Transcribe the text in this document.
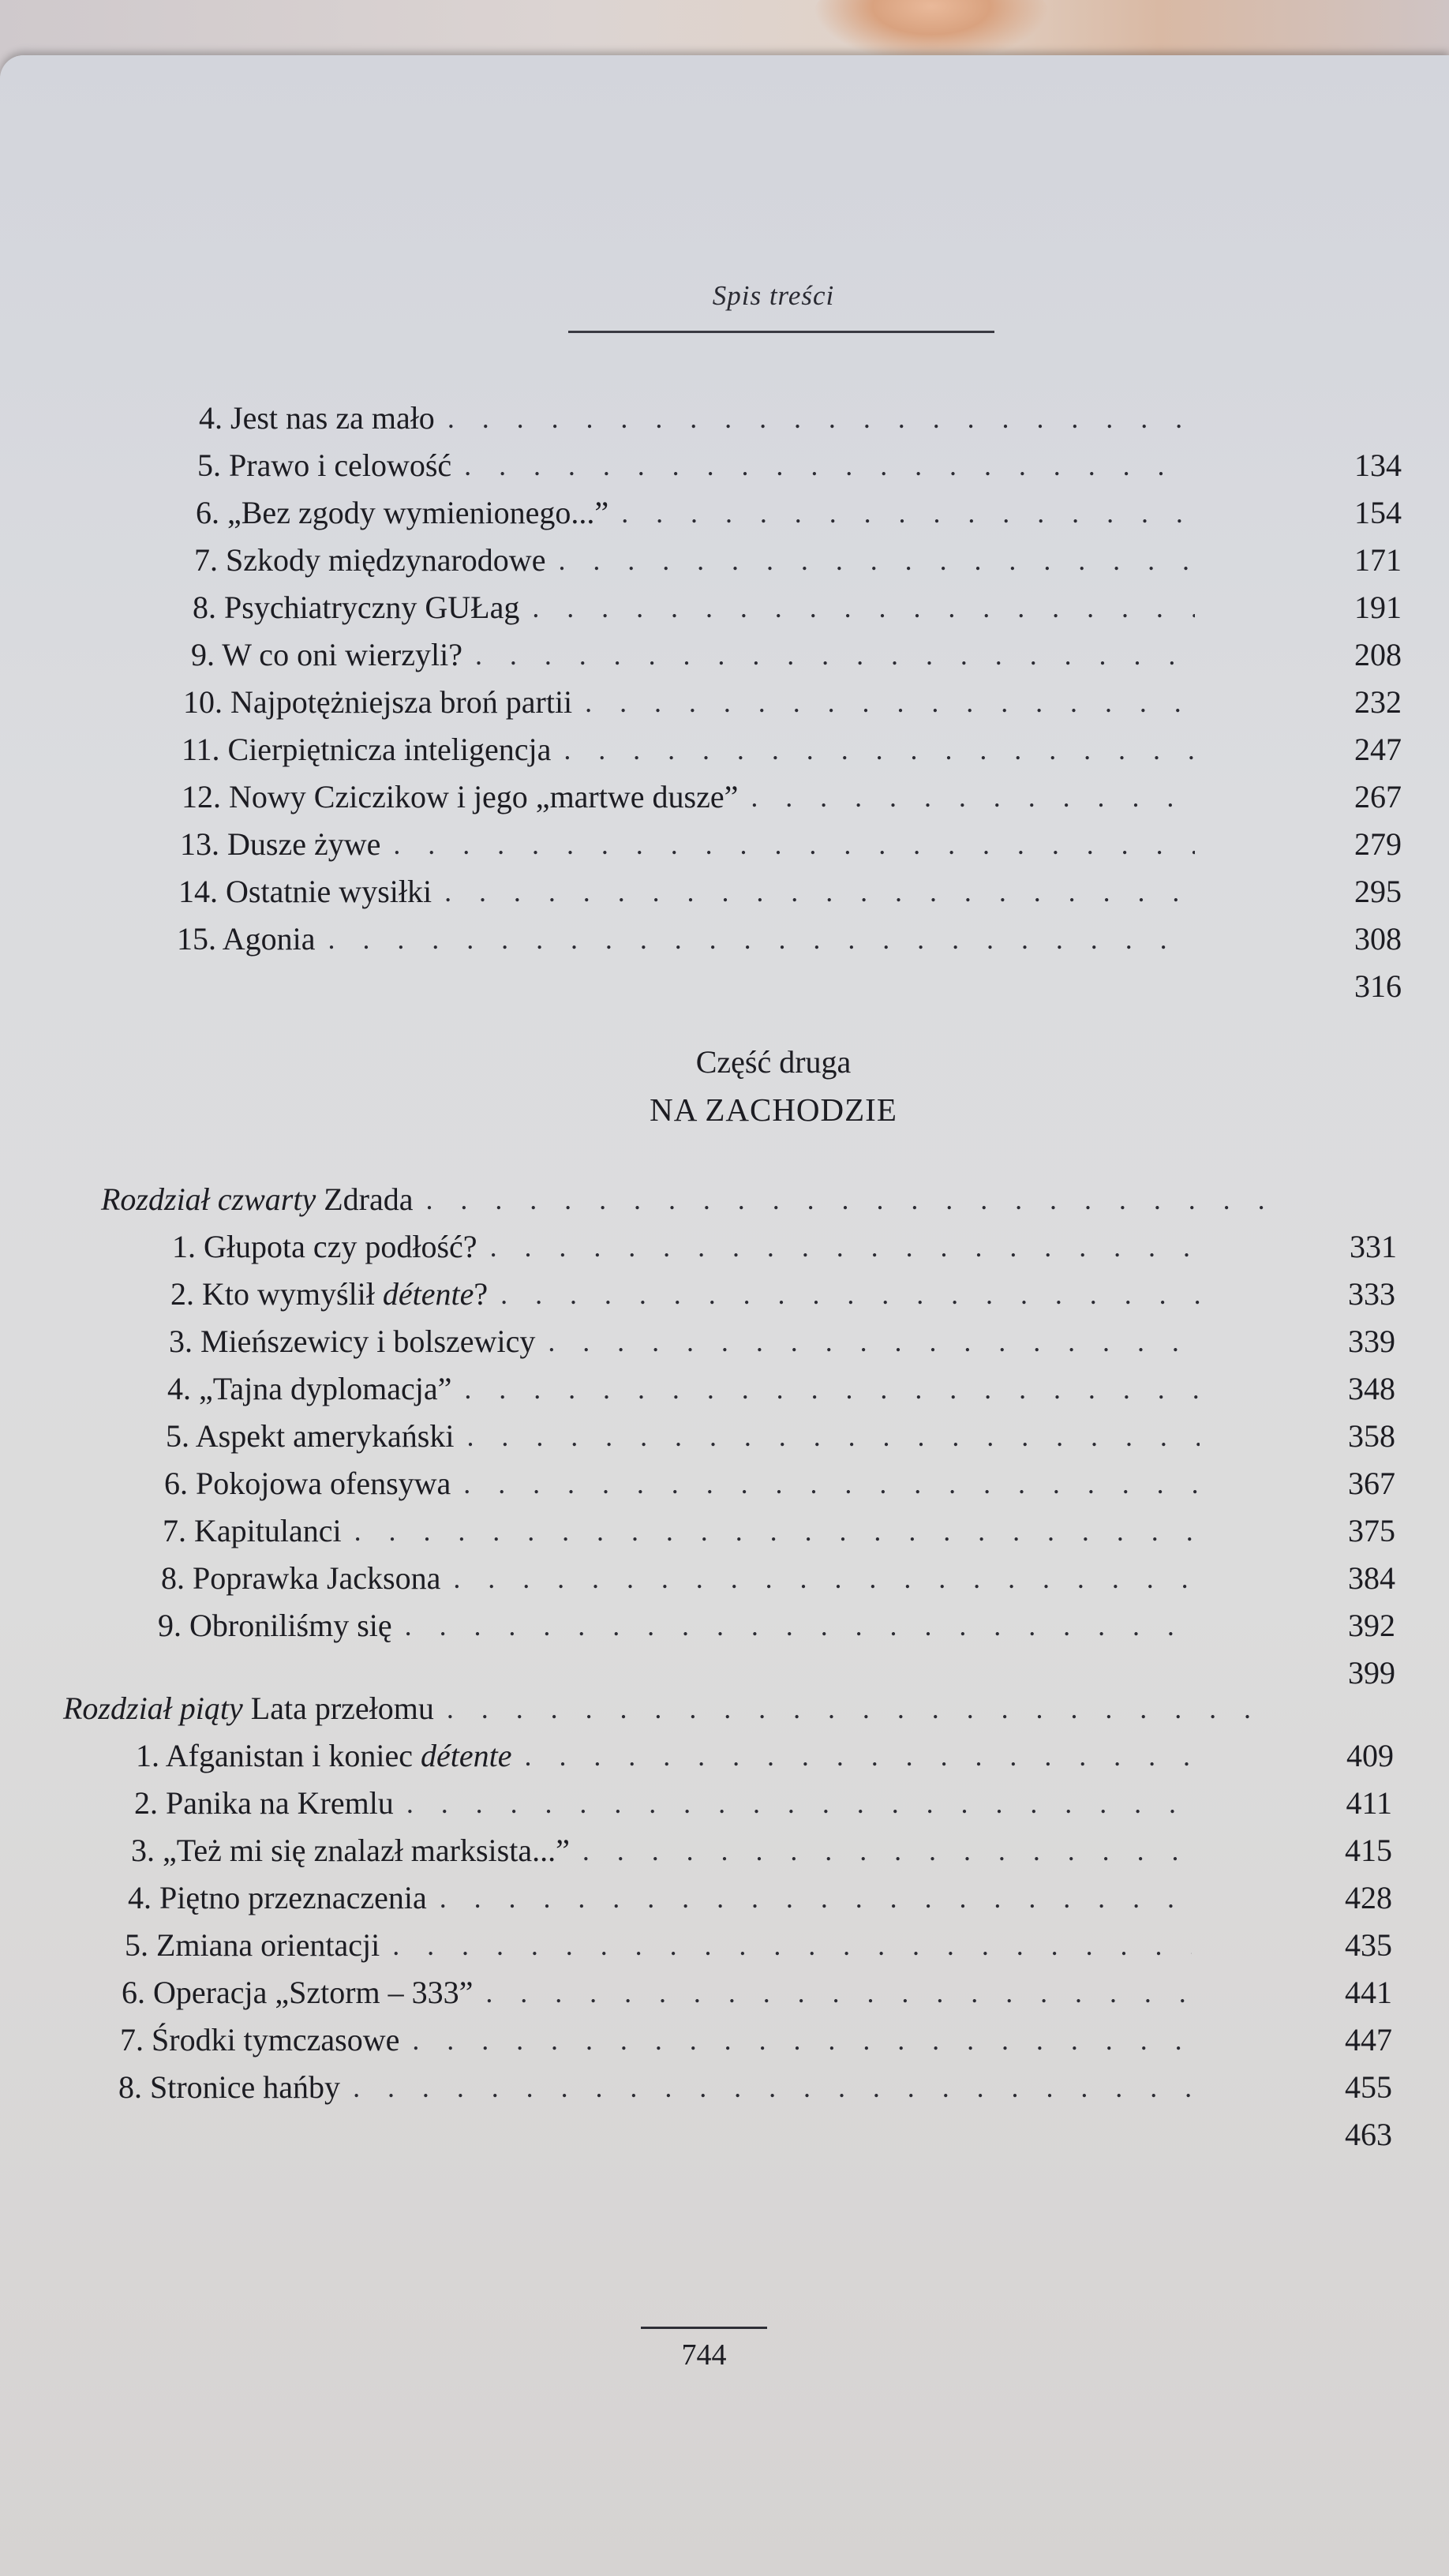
Spis treści
4. Jest nas za mało
. . .
134
5. Prawo i celowość
. . .
154
6. „Bez zgody wymienionego...”
. . .
171
7. Szkody międzynarodowe
. . .
191
8. Psychiatryczny GUŁag
. . .
208
9. W co oni wierzyli?
. . .
232
10. Najpotężniejsza broń partii
. . .
247
11. Cierpiętnicza inteligencja
. . .
267
12. Nowy Cziczikow i jego „martwe dusze”
. . .
279
13. Dusze żywe
. . .
295
14. Ostatnie wysiłki
. . .
308
15. Agonia
. . .
316
Część druga
NA ZACHODZIE
Rozdział czwarty Zdrada
. . .
331
1. Głupota czy podłość?
. . .
333
2. Kto wymyślił détente?
. . .
339
3. Mieńszewicy i bolszewicy
. . .
348
4. „Tajna dyplomacja”
. . .
358
5. Aspekt amerykański
. . .
367
6. Pokojowa ofensywa
. . .
375
7. Kapitulanci
. . .
384
8. Poprawka Jacksona
. . .
392
9. Obroniliśmy się
. . .
399
Rozdział piąty Lata przełomu
. . .
409
1. Afganistan i koniec détente
. . .
411
2. Panika na Kremlu
. . .
415
3. „Też mi się znalazł marksista...”
. . .
428
4. Piętno przeznaczenia
. . .
435
5. Zmiana orientacji
. . .
441
6. Operacja „Sztorm – 333”
. . .
447
7. Środki tymczasowe
. . .
455
8. Stronice hańby
. . .
463
744
